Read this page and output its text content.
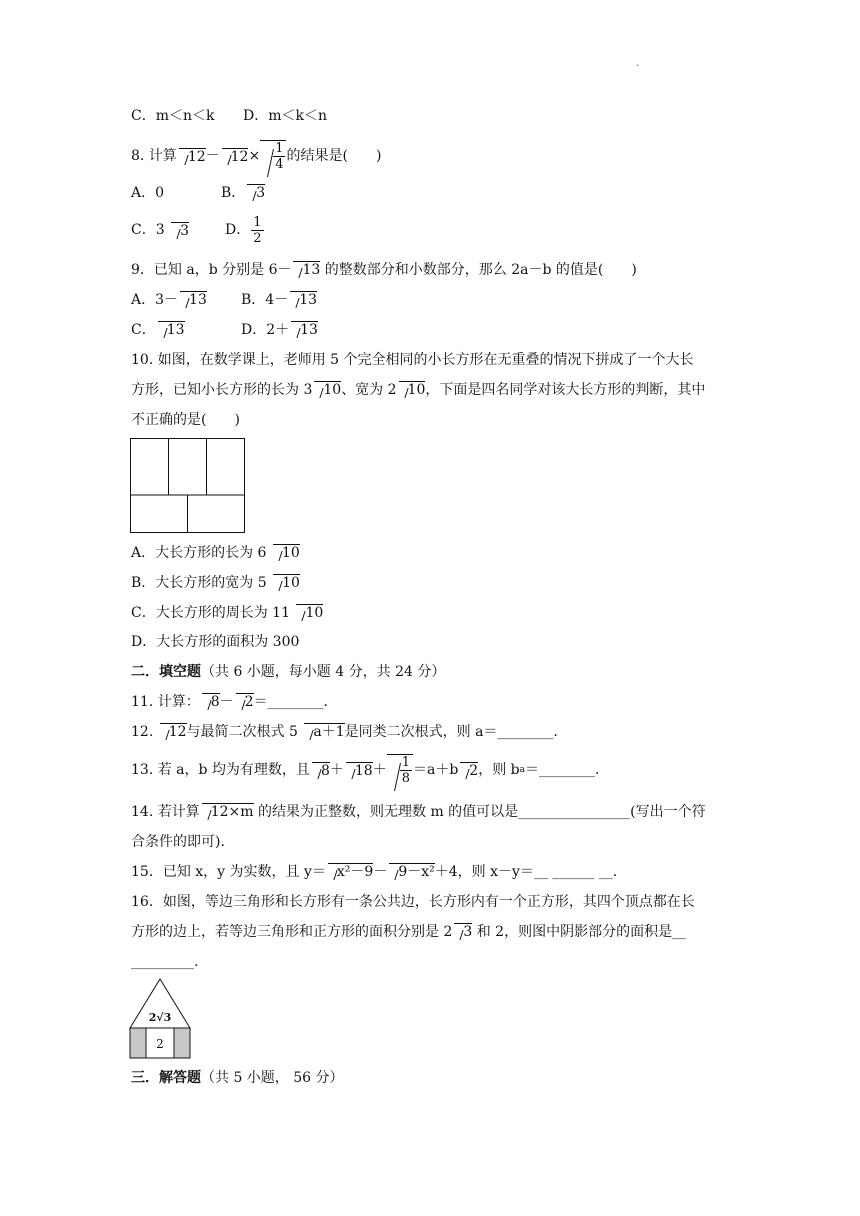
.
C．m＜n＜k D．m＜k＜n
8. 计算 $12 - 12 \times \frac{1}{4}$ 的结果是(　　)
A．0	B． 3
C．3
	3	D． $\frac{1}{2}$
9．已知 a，b 分别是 6－ 13 的整数部分和小数部分，那么 2a－b 的值是(　　)
A．3－ 13 B．4－ 13
C． 13	D．2＋ 13
10. 如图，在数学课上，老师用 5 个完全相同的小长方形在无重叠的情况下拼成了一个大长
方形，已知小长方形的长为 3 10、宽为 2 10，下面是四名同学对该大长方形的判断，其中
不正确的是(　　)
A．大长方形的长为 6 10
B．大长方形的宽为 5 10
C．大长方形的周长为 11 10
D．大长方形的面积为 300
二．填空题（共 6 小题，每小题 4 分，共 24 分）
11. 计算： 8－ 2＝________.
12. 12与最简二次根式 5 a＋1是同类二次根式，则 a＝________.
13. 若 a，b 均为有理数，且 $8 + 18 + \frac{1}{8} =a+b$ 2 ，则 b a ＝________.
14. 若计算 12×m 的结果为正整数，则无理数 m 的值可以是________________(写出一个符
合条件的即可).
15．已知 x，y 为实数，且 y＝ x²－9－ 9－x²＋4，则 x－y＝__ ______ __.
16．如图，等边三角形和长方形有一条公共边，长方形内有一个正方形，其四个顶点都在长
方形的边上，若等边三角形和正方形的面积分别是 2 3 和 2，则图中阴影部分的面积是__
_________.
2√3
2
三．解答题（共 5 小题， 56 分）
